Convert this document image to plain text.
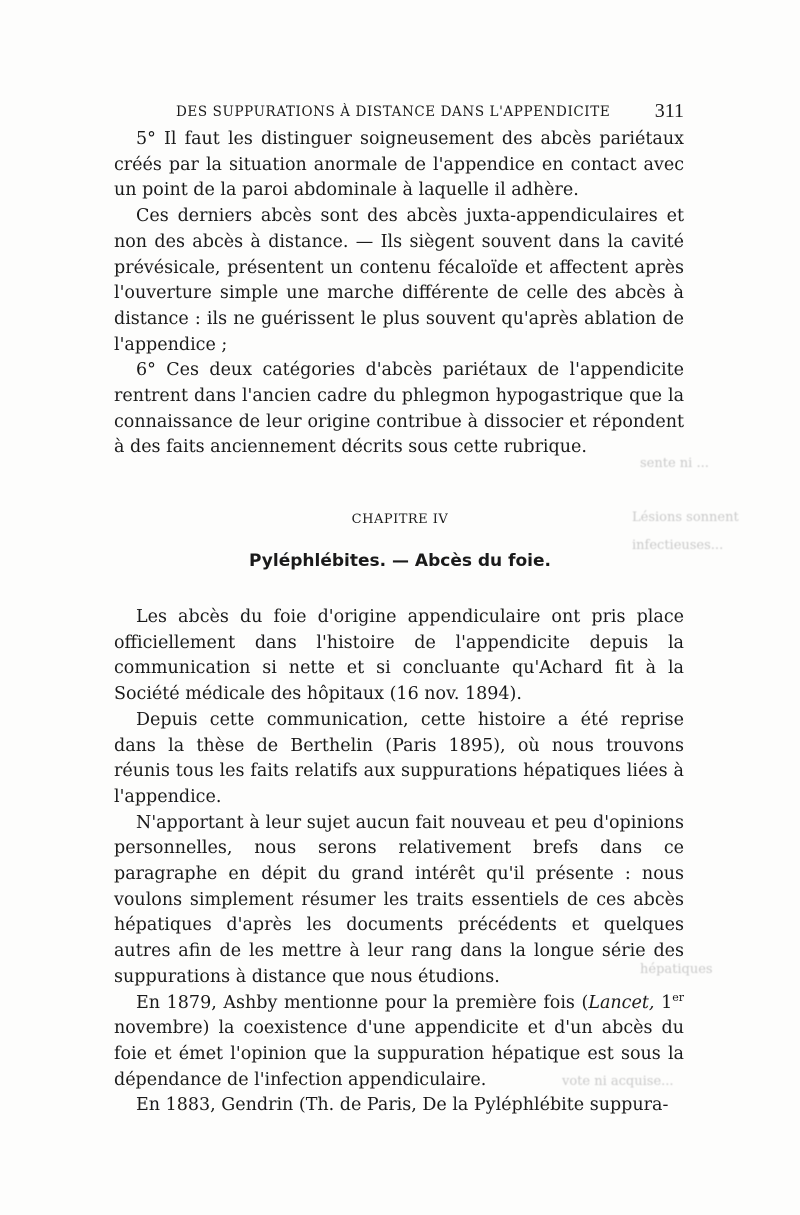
DES SUPPURATIONS À DISTANCE DANS L'APPENDICITE 311

5° Il faut les distinguer soigneusement des abcès pariétaux créés par la situation anormale de l'appendice en contact avec un point de la paroi abdominale à laquelle il adhère.

Ces derniers abcès sont des abcès juxta-appendiculaires et non des abcès à distance. — Ils siègent souvent dans la cavité prévésicale, présentent un contenu fécaloïde et affectent après l'ouverture simple une marche différente de celle des abcès à distance : ils ne guérissent le plus souvent qu'après ablation de l'appendice ;

6° Ces deux catégories d'abcès pariétaux de l'appendicite rentrent dans l'ancien cadre du phlegmon hypogastrique que la connaissance de leur origine contribue à dissocier et répondent à des faits anciennement décrits sous cette rubrique.

CHAPITRE IV
Pyléphlébites. — Abcès du foie.

Les abcès du foie d'origine appendiculaire ont pris place officiellement dans l'histoire de l'appendicite depuis la communication si nette et si concluante qu'Achard fit à la Société médicale des hôpitaux (16 nov. 1894).

Depuis cette communication, cette histoire a été reprise dans la thèse de Berthelin (Paris 1895), où nous trouvons réunis tous les faits relatifs aux suppurations hépatiques liées à l'appendice.

N'apportant à leur sujet aucun fait nouveau et peu d'opinions personnelles, nous serons relativement brefs dans ce paragraphe en dépit du grand intérêt qu'il présente : nous voulons simplement résumer les traits essentiels de ces abcès hépatiques d'après les documents précédents et quelques autres afin de les mettre à leur rang dans la longue série des suppurations à distance que nous étudions.

En 1879, Ashby mentionne pour la première fois (Lancet, 1er novembre) la coexistence d'une appendicite et d'un abcès du foie et émet l'opinion que la suppuration hépatique est sous la dépendance de l'infection appendiculaire.

En 1883, Gendrin (Th. de Paris, De la Pyléphlébite suppura-

sente ni ...
Lésions sonnent
infectieuses...
hépatiques
vote ni acquise...
